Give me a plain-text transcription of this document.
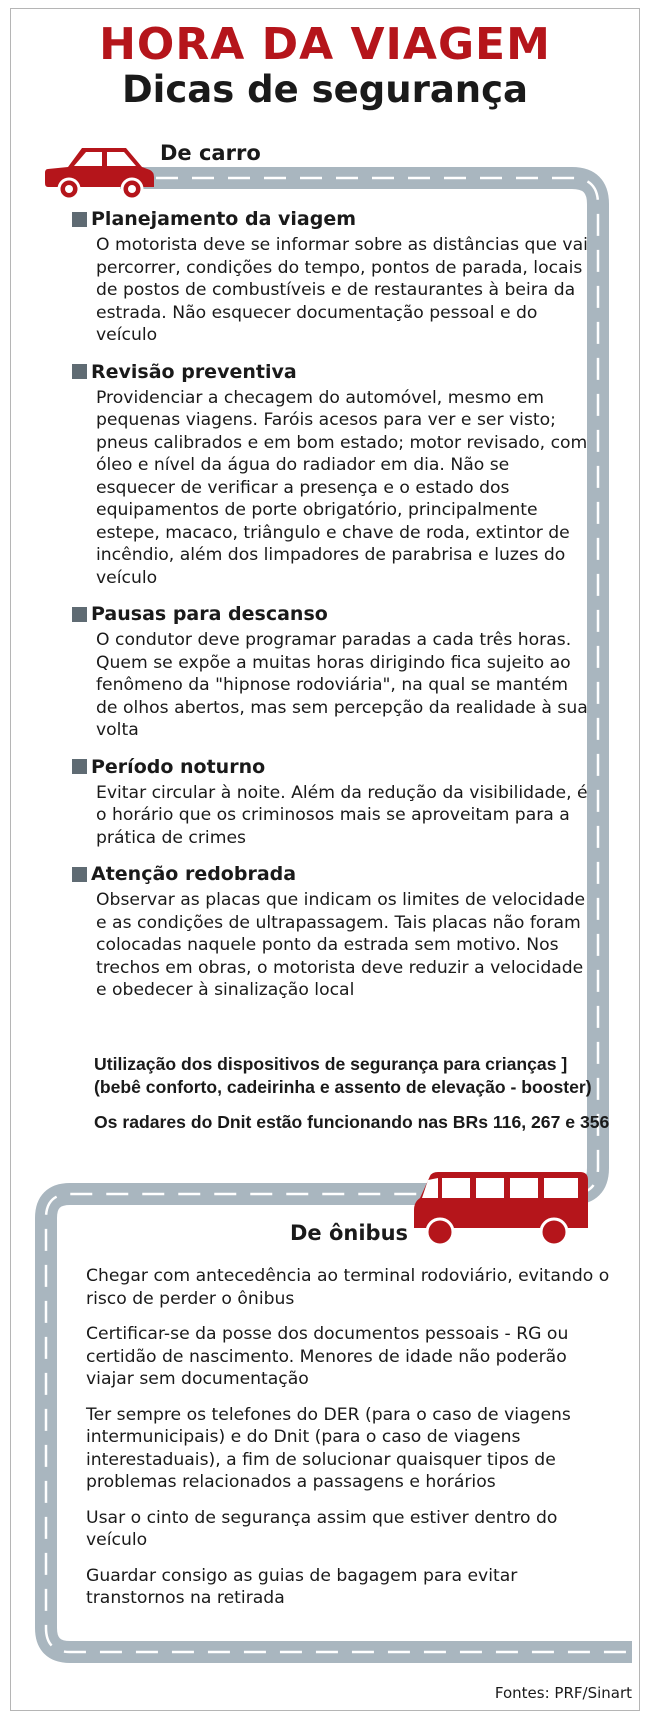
HORA DA VIAGEM
Dicas de segurança
De carro
Planejamento da viagem

O motorista deve se informar sobre as distâncias que vai percorrer, condições do tempo, pontos de parada, locais de postos de combustíveis e de restaurantes à beira da estrada. Não esquecer documentação pessoal e do veículo

Revisão preventiva

Providenciar a checagem do automóvel, mesmo em pequenas viagens. Faróis acesos para ver e ser visto; pneus calibrados e em bom estado; motor revisado, com óleo e nível da água do radiador em dia. Não se esquecer de verificar a presença e o estado dos equipamentos de porte obrigatório, principalmente estepe, macaco, triângulo e chave de roda, extintor de incêndio, além dos limpadores de parabrisa e luzes do veículo

Pausas para descanso

O condutor deve programar paradas a cada três horas. Quem se expõe a muitas horas dirigindo fica sujeito ao fenômeno da "hipnose rodoviária", na qual se mantém de olhos abertos, mas sem percepção da realidade à sua volta

Período noturno

Evitar circular à noite. Além da redução da visibilidade, é o horário que os criminosos mais se aproveitam para a prática de crimes

Atenção redobrada

Observar as placas que indicam os limites de velocidade e as condições de ultrapassagem. Tais placas não foram colocadas naquele ponto da estrada sem motivo. Nos trechos em obras, o motorista deve reduzir a velocidade e obedecer à sinalização local

Utilização dos dispositivos de segurança para crianças ] (bebê conforto, cadeirinha e assento de elevação - booster)

Os radares do Dnit estão funcionando nas BRs 116, 267 e 356

De ônibus

Chegar com antecedência ao terminal rodoviário, evitando o risco de perder o ônibus

Certificar-se da posse dos documentos pessoais - RG ou certidão de nascimento. Menores de idade não poderão viajar sem documentação

Ter sempre os telefones do DER (para o caso de viagens intermunicipais) e do Dnit (para o caso de viagens interestaduais), a fim de solucionar quaisquer tipos de problemas relacionados a passagens e horários

Usar o cinto de segurança assim que estiver dentro do veículo

Guardar consigo as guias de bagagem para evitar transtornos na retirada

Fontes: PRF/Sinart
